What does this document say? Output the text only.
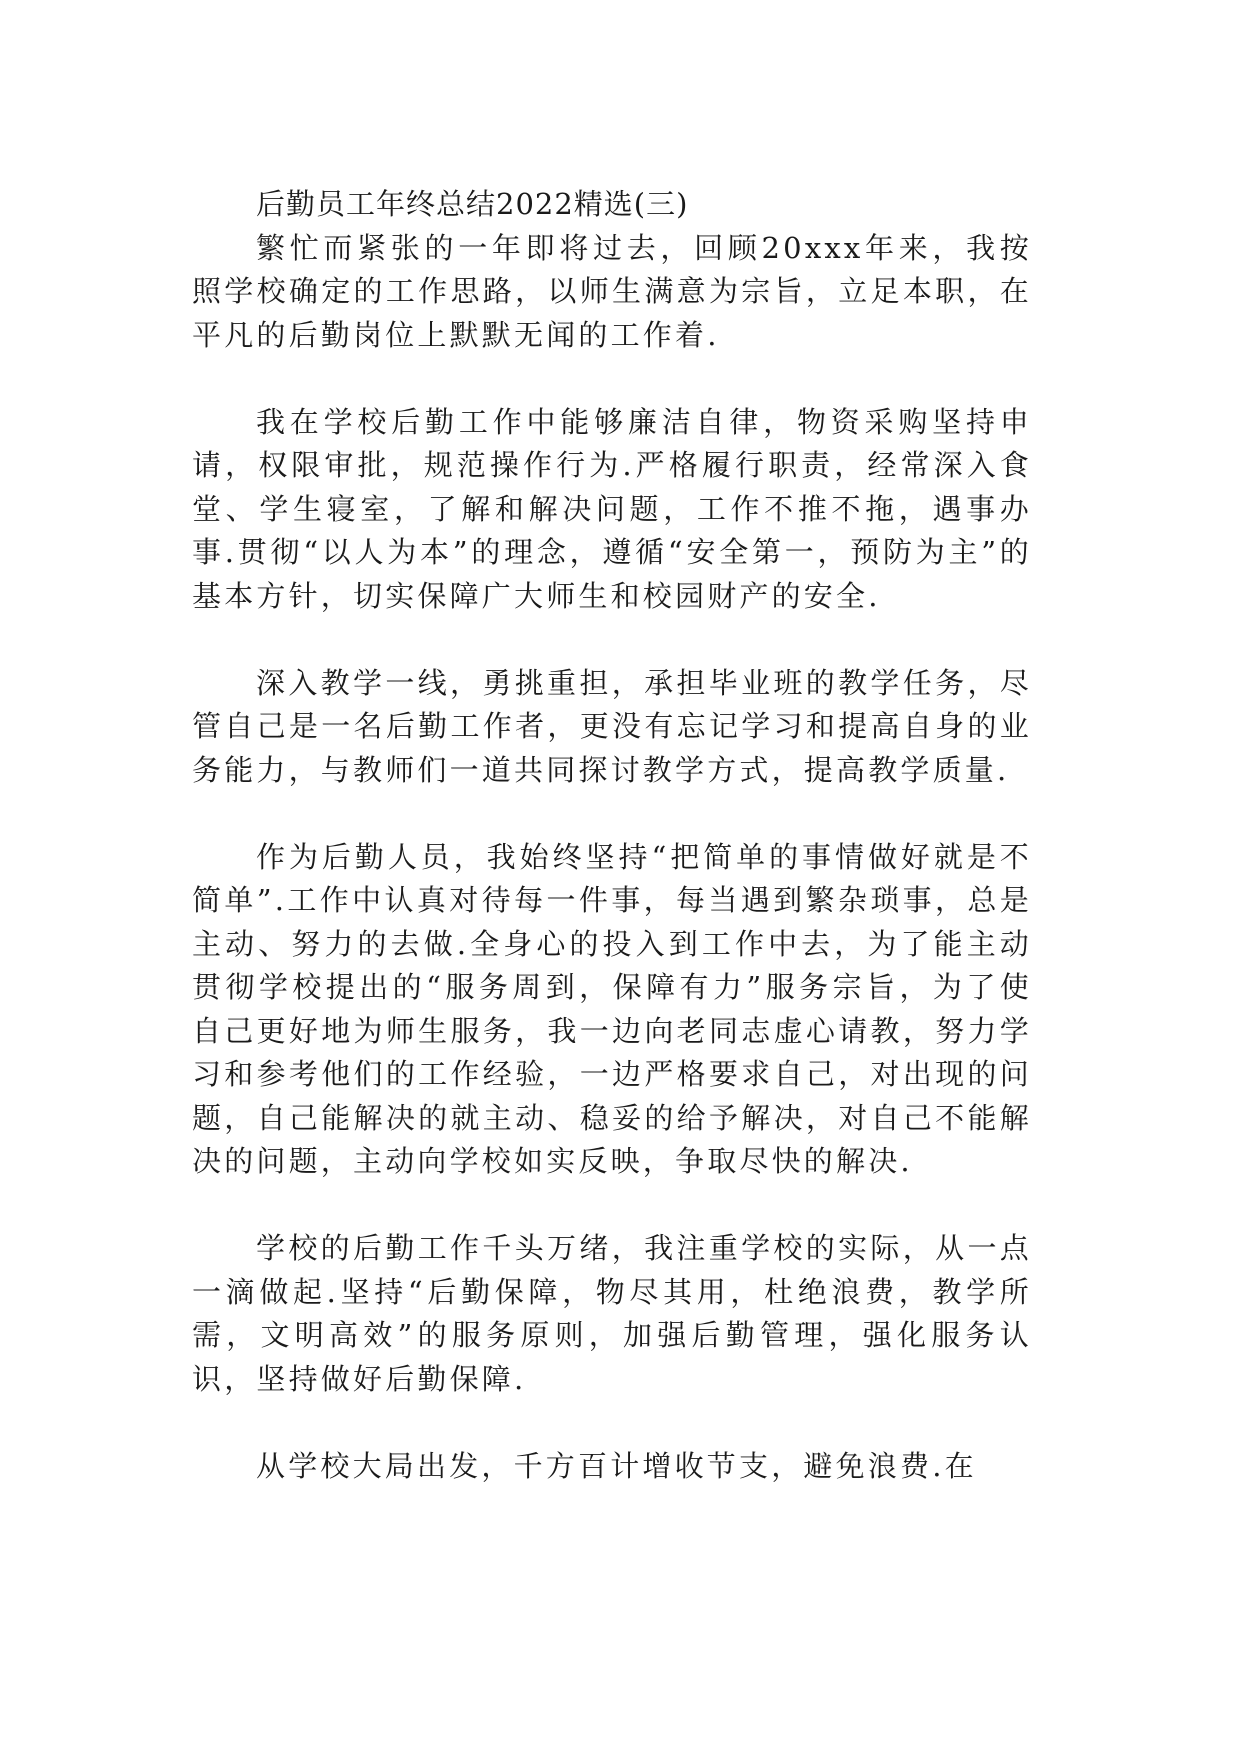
后勤员工年终总结2022精选(三)

繁忙而紧张的一年即将过去，回顾20xxx年来，我按照学校确定的工作思路，以师生满意为宗旨，立足本职，在平凡的后勤岗位上默默无闻的工作着.

我在学校后勤工作中能够廉洁自律，物资采购坚持申请，权限审批，规范操作行为.严格履行职责，经常深入食堂、学生寝室，了解和解决问题，工作不推不拖，遇事办事.贯彻“以人为本”的理念，遵循“安全第一，预防为主”的基本方针，切实保障广大师生和校园财产的安全.

深入教学一线，勇挑重担，承担毕业班的教学任务，尽管自己是一名后勤工作者，更没有忘记学习和提高自身的业务能力，与教师们一道共同探讨教学方式，提高教学质量.

作为后勤人员，我始终坚持“把简单的事情做好就是不简单”.工作中认真对待每一件事，每当遇到繁杂琐事，总是主动、努力的去做.全身心的投入到工作中去，为了能主动贯彻学校提出的“服务周到，保障有力”服务宗旨，为了使自己更好地为师生服务，我一边向老同志虚心请教，努力学习和参考他们的工作经验，一边严格要求自己，对出现的问题，自己能解决的就主动、稳妥的给予解决，对自己不能解决的问题，主动向学校如实反映，争取尽快的解决.

学校的后勤工作千头万绪，我注重学校的实际，从一点一滴做起.坚持“后勤保障，物尽其用，杜绝浪费，教学所需，文明高效”的服务原则，加强后勤管理，强化服务认识，坚持做好后勤保障.

从学校大局出发，千方百计增收节支，避免浪费.在
